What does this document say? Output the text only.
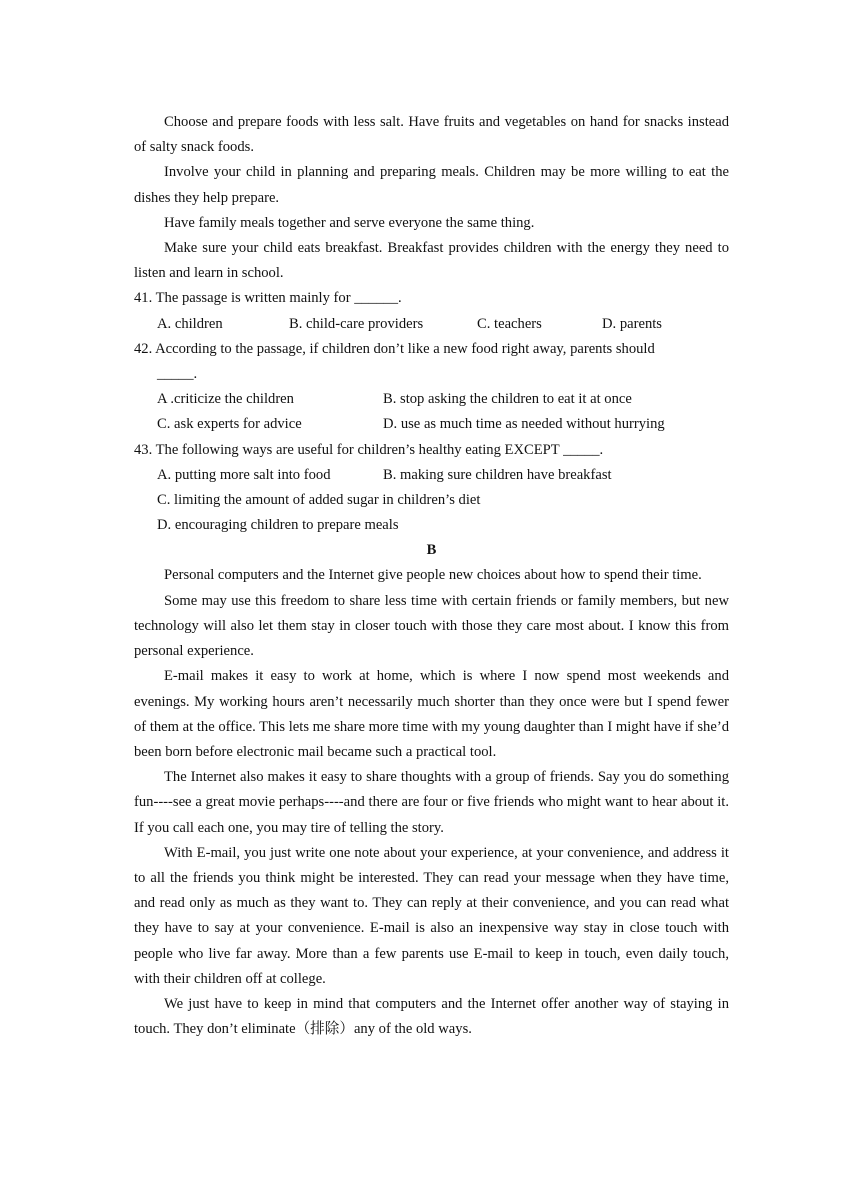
Choose and prepare foods with less salt. Have fruits and vegetables on hand for snacks instead of salty snack foods.

Involve your child in planning and preparing meals. Children may be more willing to eat the dishes they help prepare.

Have family meals together and serve everyone the same thing.

Make sure your child eats breakfast. Breakfast provides children with the energy they need to listen and learn in school.

41. The passage is written mainly for ______.
A. children	B. child-care providers	C. teachers	D. parents
42. According to the passage, if children don’t like a new food right away, parents should
_____.
A .criticize the children	B. stop asking the children to eat it at once
C. ask experts for advice	D. use as much time as needed without hurrying
43. The following ways are useful for children’s healthy eating EXCEPT _____.
A. putting more salt into food	B. making sure children have breakfast
C. limiting the amount of added sugar in children’s diet
D. encouraging children to prepare meals
B

Personal computers and the Internet give people new choices about how to spend their time.

Some may use this freedom to share less time with certain friends or family members, but new technology will also let them stay in closer touch with those they care most about. I know this from personal experience.

E-mail makes it easy to work at home, which is where I now spend most weekends and evenings. My working hours aren’t necessarily much shorter than they once were but I spend fewer of them at the office. This lets me share more time with my young daughter than I might have if she’d been born before electronic mail became such a practical tool.

The Internet also makes it easy to share thoughts with a group of friends. Say you do something fun----see a great movie perhaps----and there are four or five friends who might want to hear about it. If you call each one, you may tire of telling the story.

With E-mail, you just write one note about your experience, at your convenience, and address it to all the friends you think might be interested. They can read your message when they have time, and read only as much as they want to. They can reply at their convenience, and you can read what they have to say at your convenience. E-mail is also an inexpensive way stay in close touch with people who live far away. More than a few parents use E-mail to keep in touch, even daily touch, with their children off at college.

We just have to keep in mind that computers and the Internet offer another way of staying in touch. They don’t eliminate（排除）any of the old ways.
